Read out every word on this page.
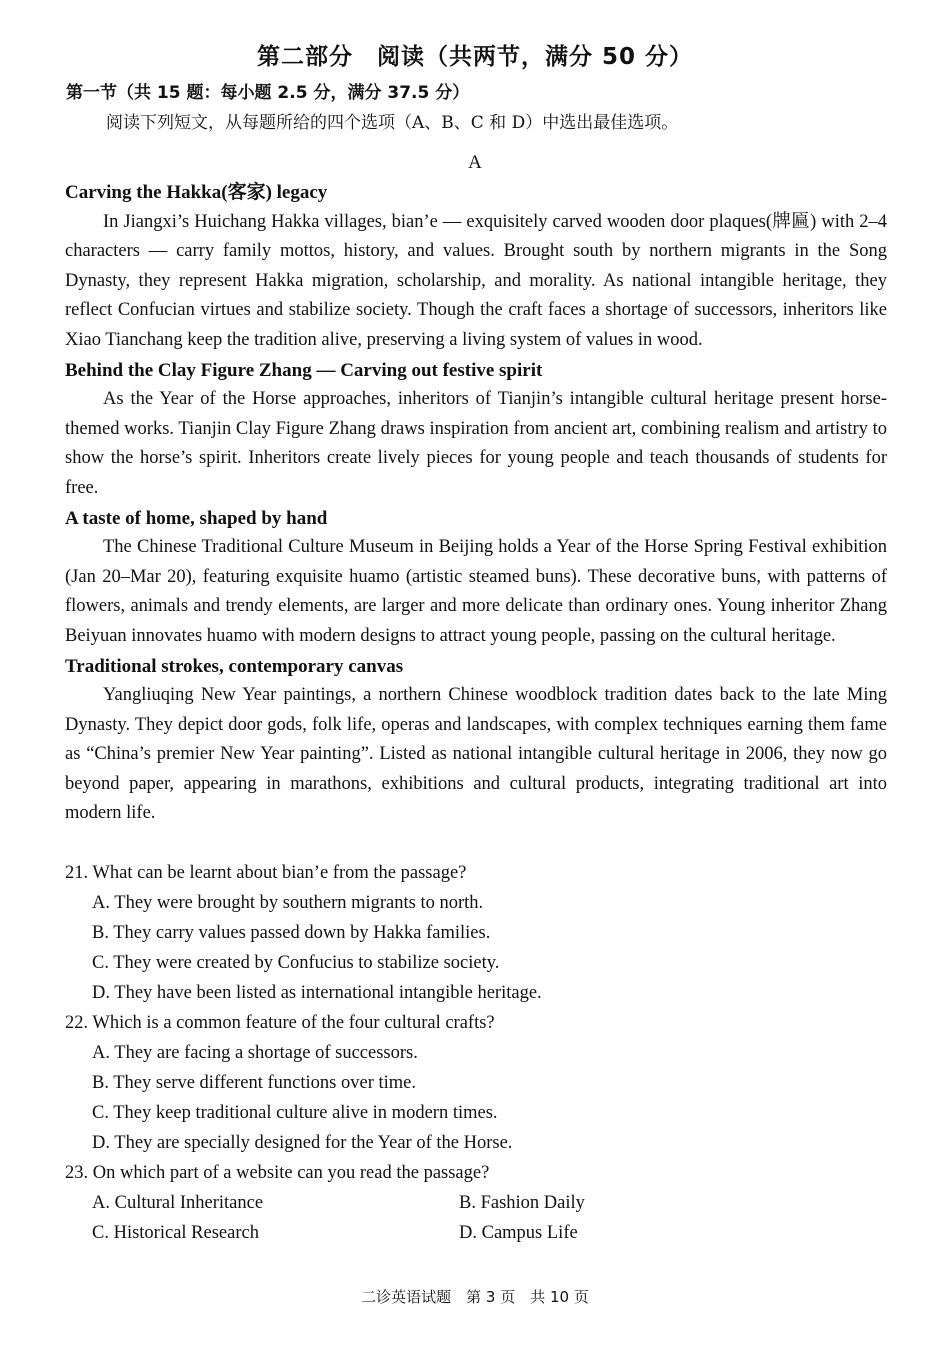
第二部分　阅读（共两节，满分 50 分）
第一节（共 15 题：每小题 2.5 分，满分 37.5 分）
阅读下列短文，从每题所给的四个选项（A、B、C 和 D）中选出最佳选项。
A

Carving the Hakka(客家) legacy

In Jiangxi’s Huichang Hakka villages, bian’e — exquisitely carved wooden door plaques(牌匾) with 2–4 characters — carry family mottos, history, and values. Brought south by northern migrants in the Song Dynasty, they represent Hakka migration, scholarship, and morality. As national intangible heritage, they reflect Confucian virtues and stabilize society. Though the craft faces a shortage of successors, inheritors like Xiao Tianchang keep the tradition alive, preserving a living system of values in wood.

Behind the Clay Figure Zhang — Carving out festive spirit

As the Year of the Horse approaches, inheritors of Tianjin’s intangible cultural heritage present horse-themed works. Tianjin Clay Figure Zhang draws inspiration from ancient art, combining realism and artistry to show the horse’s spirit. Inheritors create lively pieces for young people and teach thousands of students for free.

A taste of home, shaped by hand

The Chinese Traditional Culture Museum in Beijing holds a Year of the Horse Spring Festival exhibition (Jan 20–Mar 20), featuring exquisite huamo (artistic steamed buns). These decorative buns, with patterns of flowers, animals and trendy elements, are larger and more delicate than ordinary ones. Young inheritor Zhang Beiyuan innovates huamo with modern designs to attract young people, passing on the cultural heritage.

Traditional strokes, contemporary canvas

Yangliuqing New Year paintings, a northern Chinese woodblock tradition dates back to the late Ming Dynasty. They depict door gods, folk life, operas and landscapes, with complex techniques earning them fame as “China’s premier New Year painting”. Listed as national intangible cultural heritage in 2006, they now go beyond paper, appearing in marathons, exhibitions and cultural products, integrating traditional art into modern life.

21. What can be learnt about bian’e from the passage?

A. They were brought by southern migrants to north.

B. They carry values passed down by Hakka families.

C. They were created by Confucius to stabilize society.

D. They have been listed as international intangible heritage.

22. Which is a common feature of the four cultural crafts?

A. They are facing a shortage of successors.

B. They serve different functions over time.

C. They keep traditional culture alive in modern times.

D. They are specially designed for the Year of the Horse.

23. On which part of a website can you read the passage?

A. Cultural Inheritance	B. Fashion Daily
C. Historical Research	D. Campus Life
二诊英语试题　第 3 页　共 10 页
